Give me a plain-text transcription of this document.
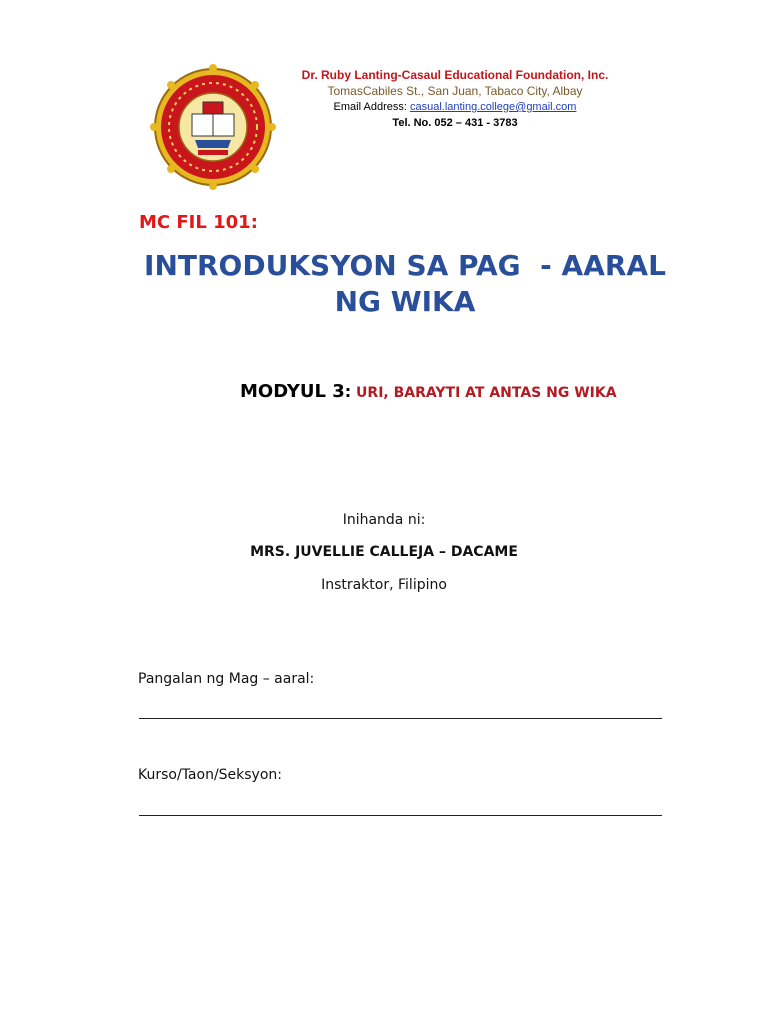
Dr. Ruby Lanting-Casaul Educational Foundation, Inc.
TomasCabiles St., San Juan, Tabaco City, Albay
Email Address: casual.lanting.college@gmail.com
Tel. No. 052 – 431 - 3783
MC FIL 101:
INTRODUKSYON SA PAG  - AARAL
NG WIKA
MODYUL 3: URI, BARAYTI AT ANTAS NG WIKA
Inihanda ni:
MRS. JUVELLIE CALLEJA – DACAME
Instraktor, Filipino
Pangalan ng Mag – aaral:
Kurso/Taon/Seksyon:
